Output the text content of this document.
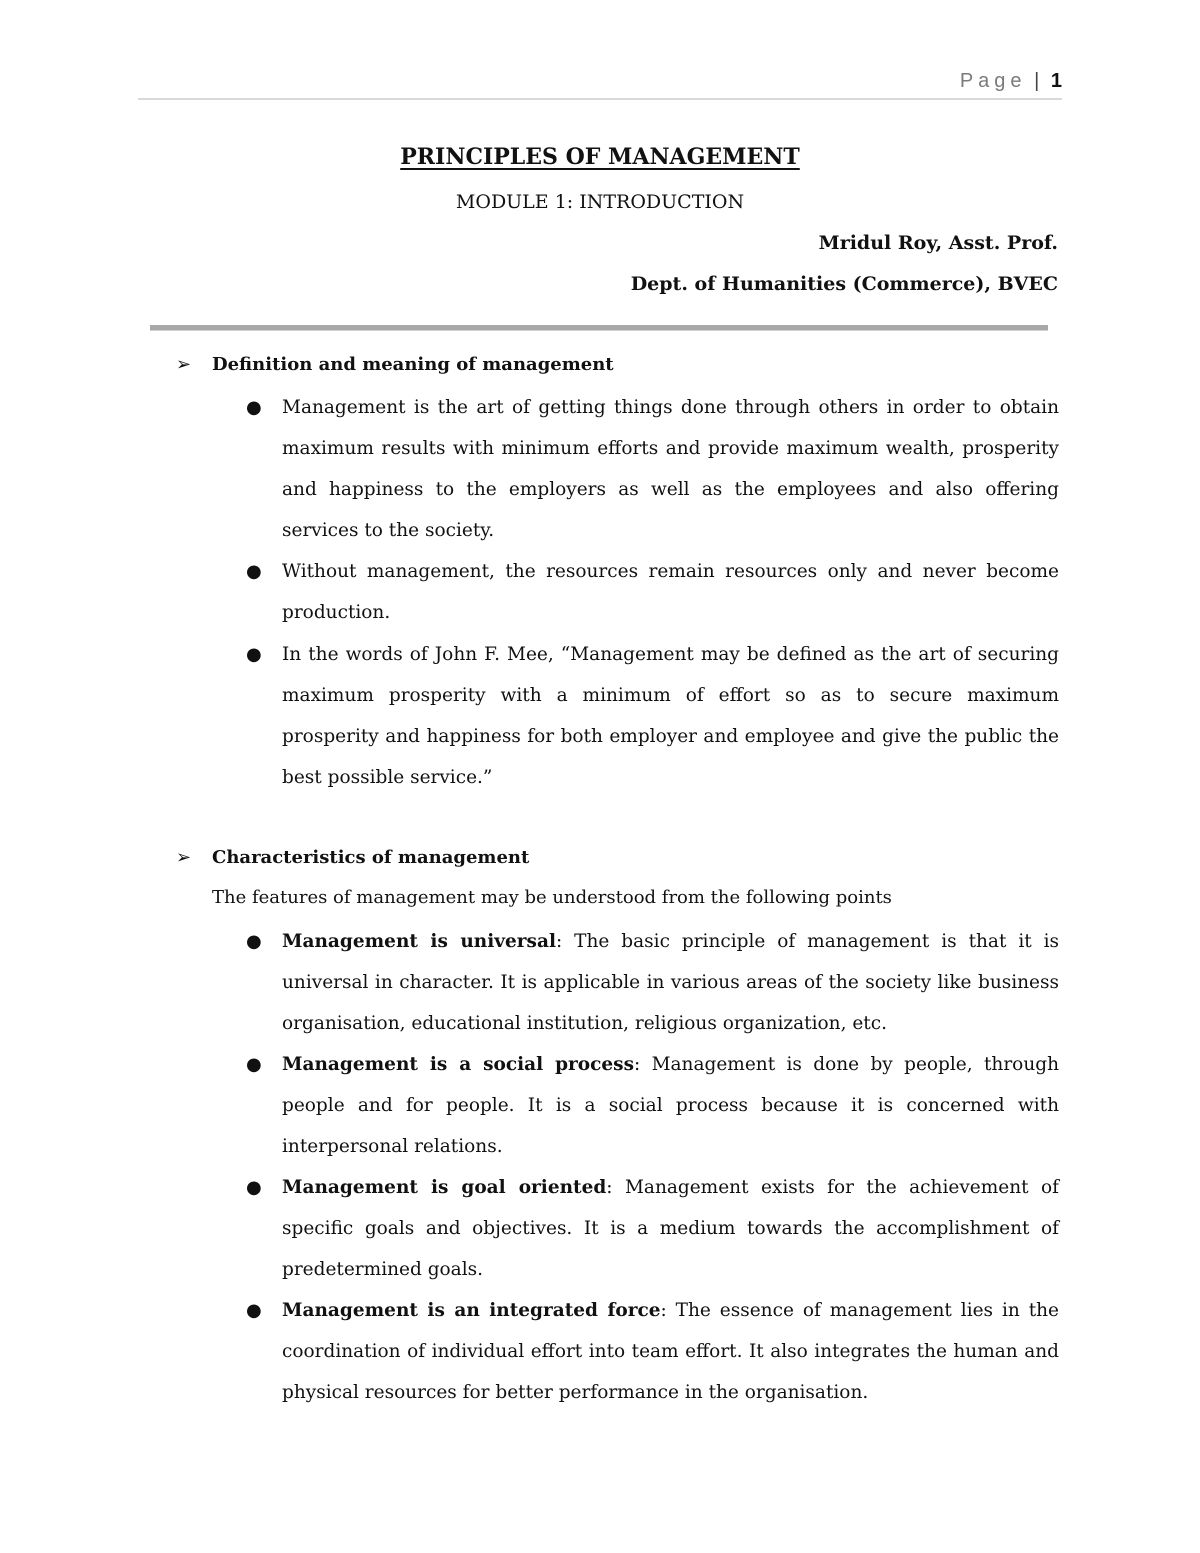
Page | 1
PRINCIPLES OF MANAGEMENT
MODULE 1: INTRODUCTION
Mridul Roy, Asst. Prof.
Dept. of Humanities (Commerce), BVEC
➢ Definition and meaning of management
● Management is the art of getting things done through others in order to obtain maximum results with minimum efforts and provide maximum wealth, prosperity and happiness to the employers as well as the employees and also offering services to the society.
● Without management, the resources remain resources only and never become production.
● In the words of John F. Mee, “Management may be defined as the art of securing maximum prosperity with a minimum of effort so as to secure maximum prosperity and happiness for both employer and employee and give the public the best possible service.”
➢ Characteristics of management
The features of management may be understood from the following points
● Management is universal: The basic principle of management is that it is universal in character. It is applicable in various areas of the society like business organisation, educational institution, religious organization, etc.
● Management is a social process: Management is done by people, through people and for people. It is a social process because it is concerned with interpersonal relations.
● Management is goal oriented: Management exists for the achievement of specific goals and objectives. It is a medium towards the accomplishment of predetermined goals.
● Management is an integrated force: The essence of management lies in the coordination of individual effort into team effort. It also integrates the human and physical resources for better performance in the organisation.
